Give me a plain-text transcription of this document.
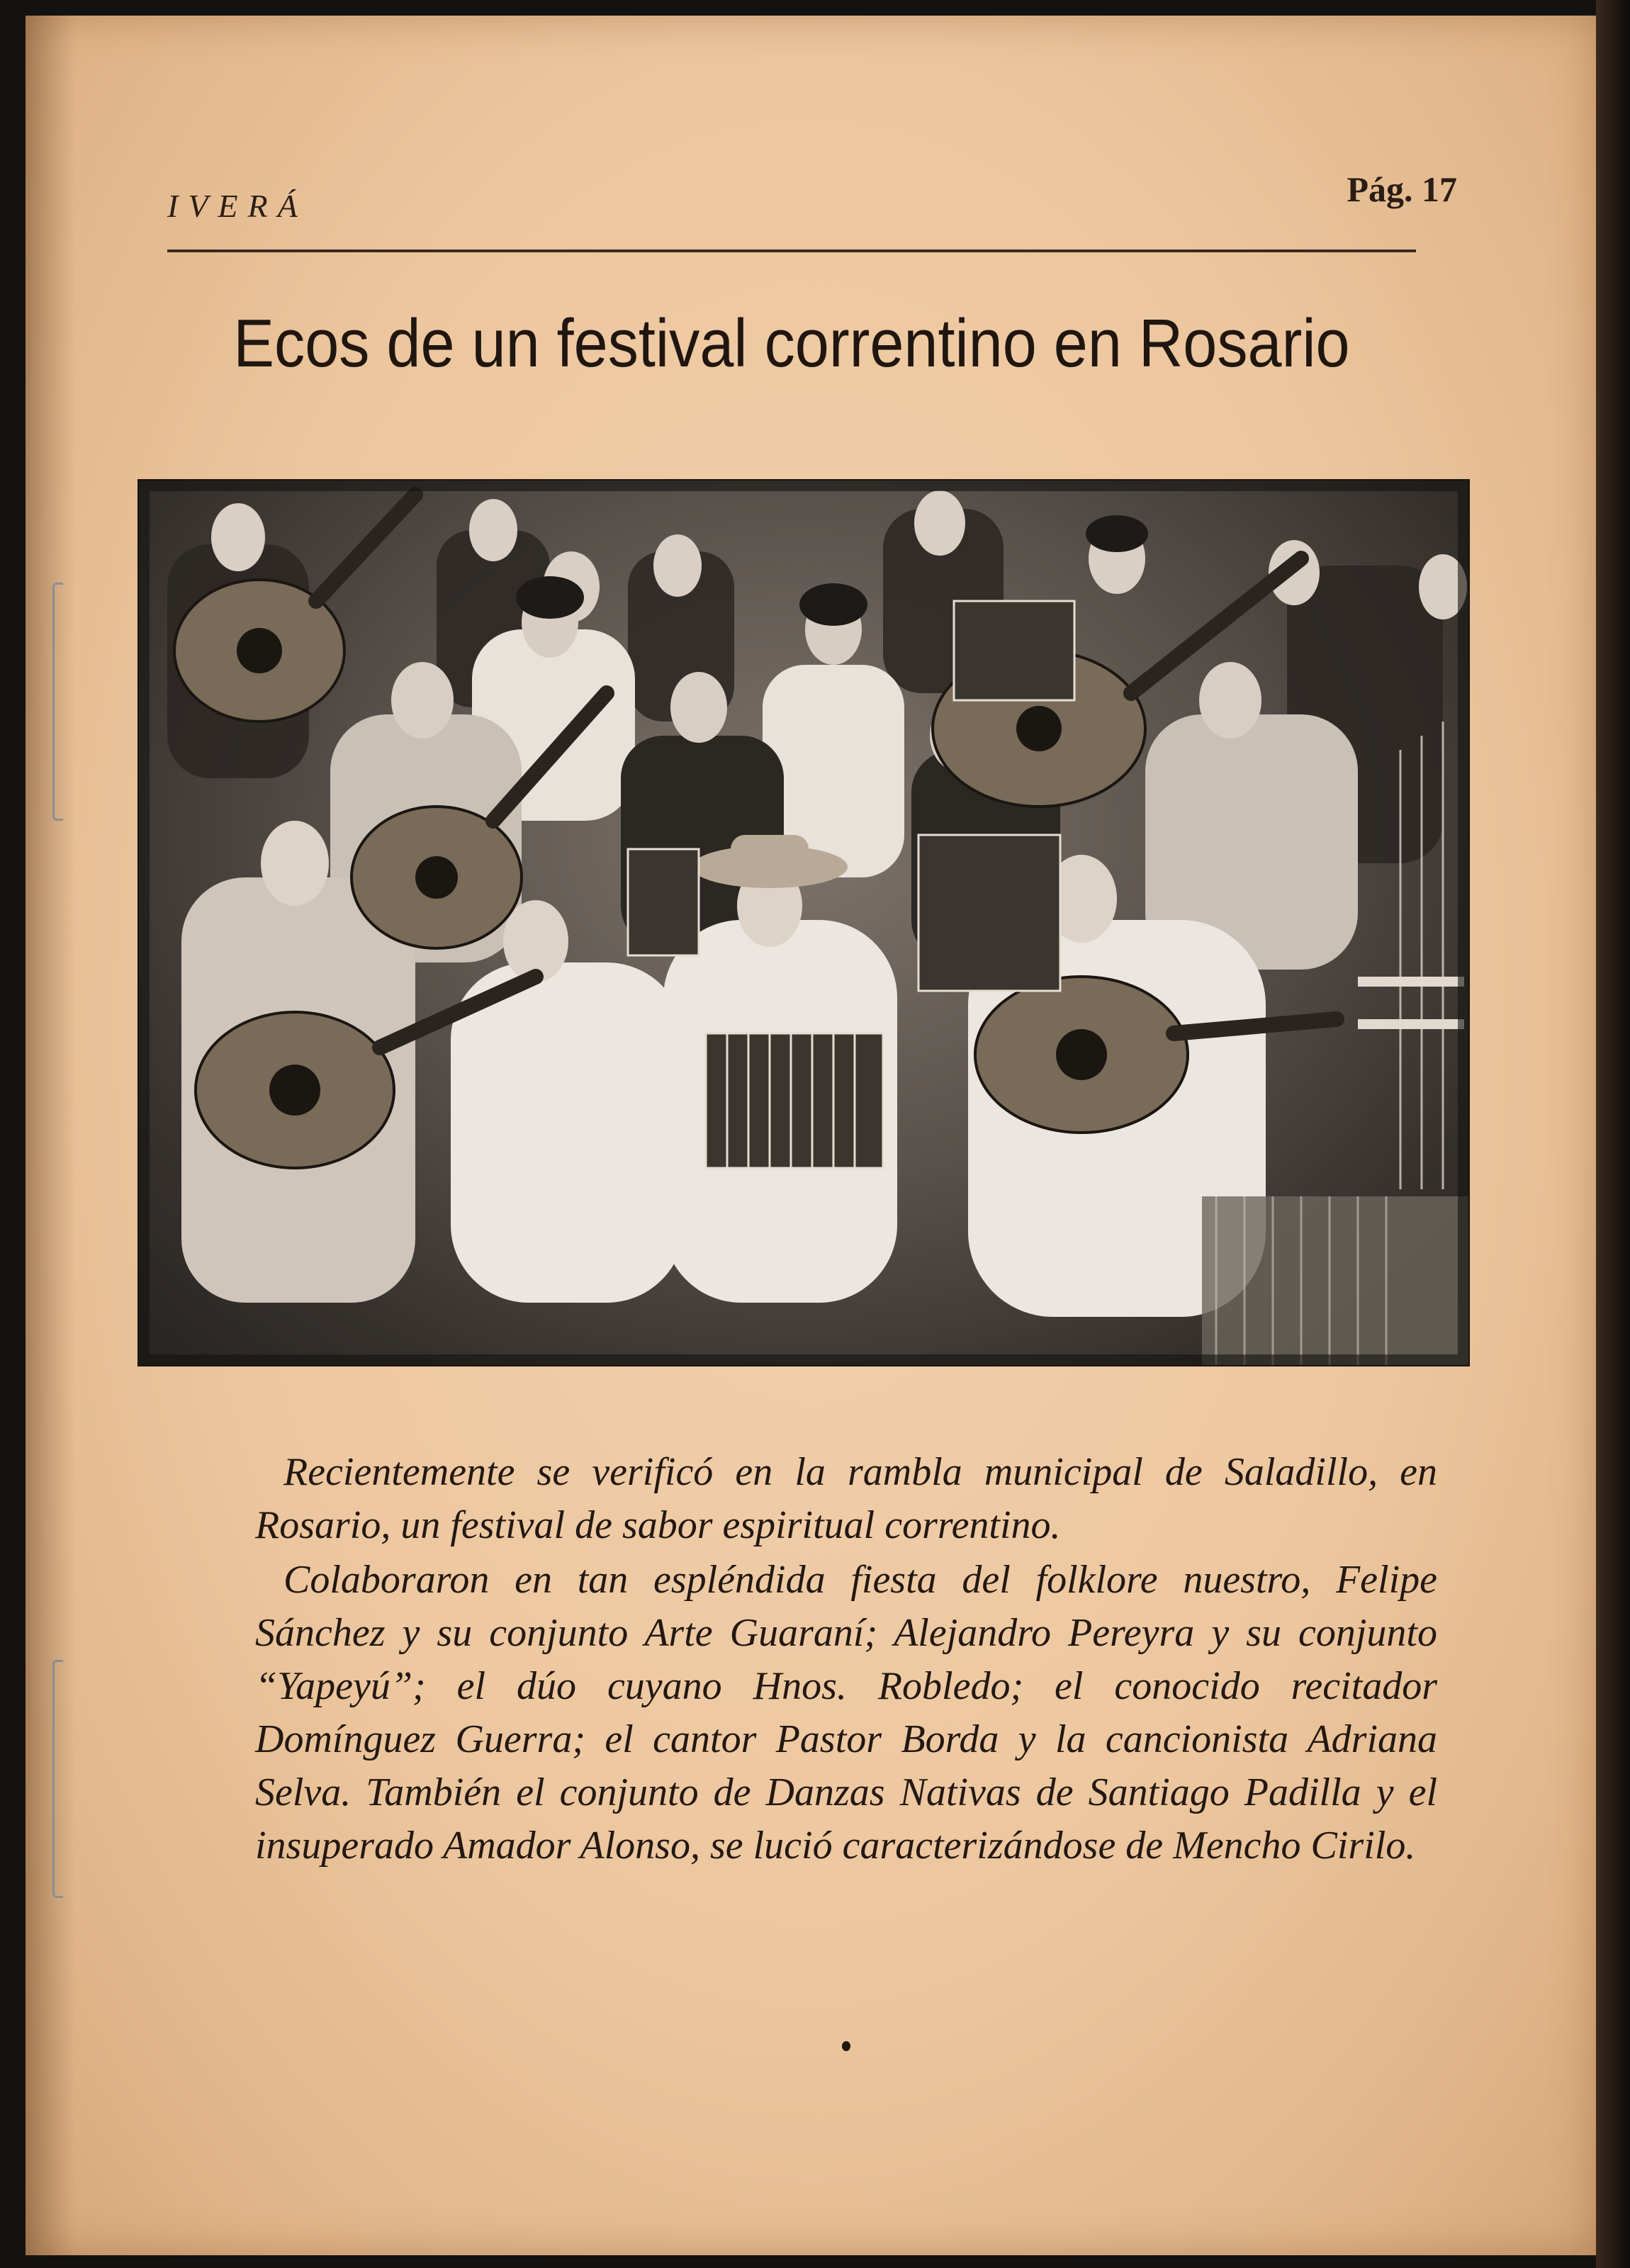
IVERÁ	Pág. 17
Ecos de un festival correntino en Rosario

Recientemente se verificó en la rambla municipal de Saladillo, en Rosario, un festival de sabor espiritual correntino.

Colaboraron en tan espléndida fiesta del folklore nuestro, Felipe Sánchez y su conjunto Arte Guaraní; Alejandro Pereyra y su conjunto “Yapeyú”; el dúo cuyano Hnos. Robledo; el conocido recitador Domínguez Guerra; el cantor Pastor Borda y la cancionista Adriana Selva. También el conjunto de Danzas Nativas de Santiago Padilla y el insuperado Amador Alonso, se lució caracterizándose de Mencho Cirilo.
